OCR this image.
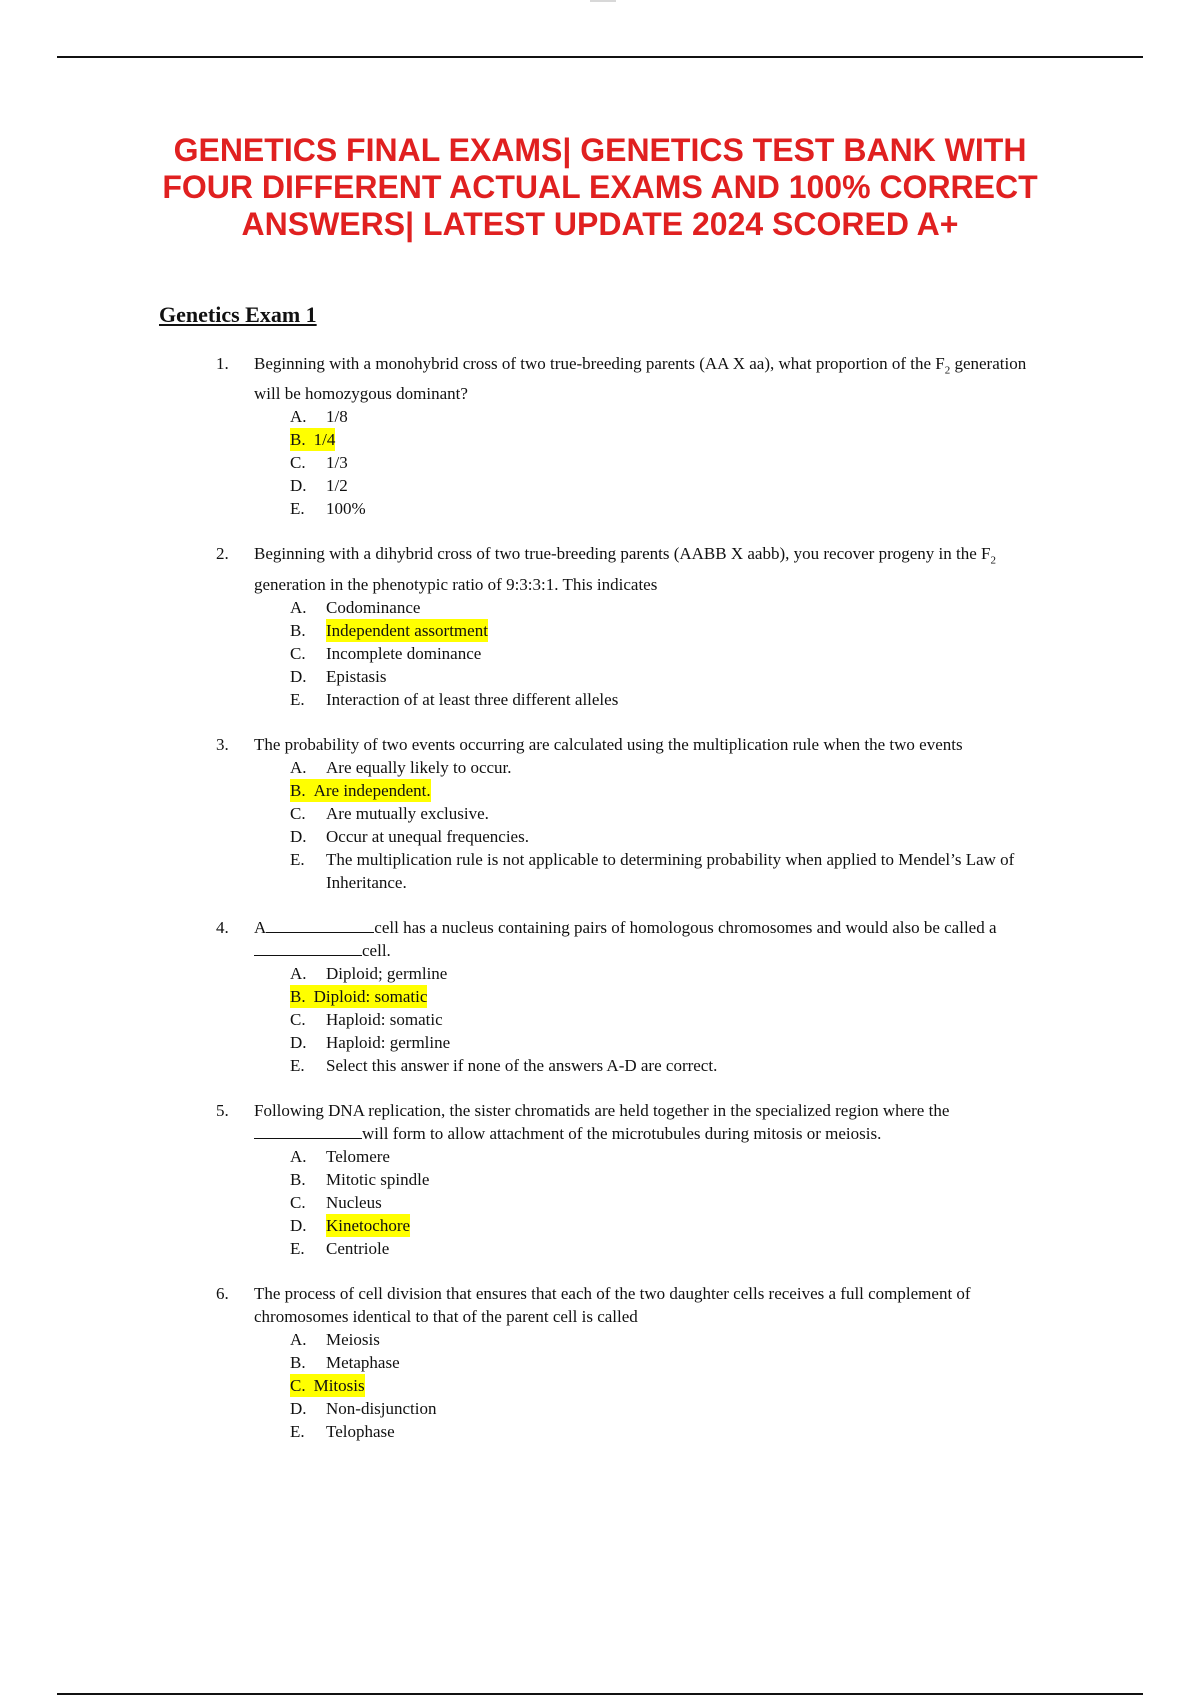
GENETICS FINAL EXAMS| GENETICS TEST BANK WITH FOUR DIFFERENT ACTUAL EXAMS AND 100% CORRECT ANSWERS| LATEST UPDATE 2024 SCORED A+
Genetics Exam 1
1. Beginning with a monohybrid cross of two true-breeding parents (AA X aa), what proportion of the $F_2$ generation will be homozygous dominant?
A.	1/8
B. 1/4
C.	1/3
D.	1/2
E.	100%
2. Beginning with a dihybrid cross of two true-breeding parents (AABB X aabb), you recover progeny in the $F_2$ generation in the phenotypic ratio of 9:3:3:1. This indicates
A.	Codominance
B.	Independent assortment
C.	Incomplete dominance
D.	Epistasis
E.	Interaction of at least three different alleles
3. The probability of two events occurring are calculated using the multiplication rule when the two events
A.	Are equally likely to occur.
B. Are independent.
C.	Are mutually exclusive.
D.	Occur at unequal frequencies.
E.	The multiplication rule is not applicable to determining probability when applied to Mendel’s Law of Inheritance.
4. A	cell has a nucleus containing pairs of homologous chromosomes and would also be called acell.
A.	Diploid; germline
B. Diploid: somatic
C.	Haploid: somatic
D.	Haploid: germline
E.	Select this answer if none of the answers A-D are correct.
5. Following DNA replication, the sister chromatids are held together in the specialized region where thewill form to allow attachment of the microtubules during mitosis or meiosis.
A.	Telomere
B.	Mitotic spindle
C.	Nucleus
D.	Kinetochore
E.	Centriole
6. The process of cell division that ensures that each of the two daughter cells receives a full complement of chromosomes identical to that of the parent cell is called
A.	Meiosis
B.	Metaphase
C. Mitosis
D.	Non-disjunction
E.	Telophase
